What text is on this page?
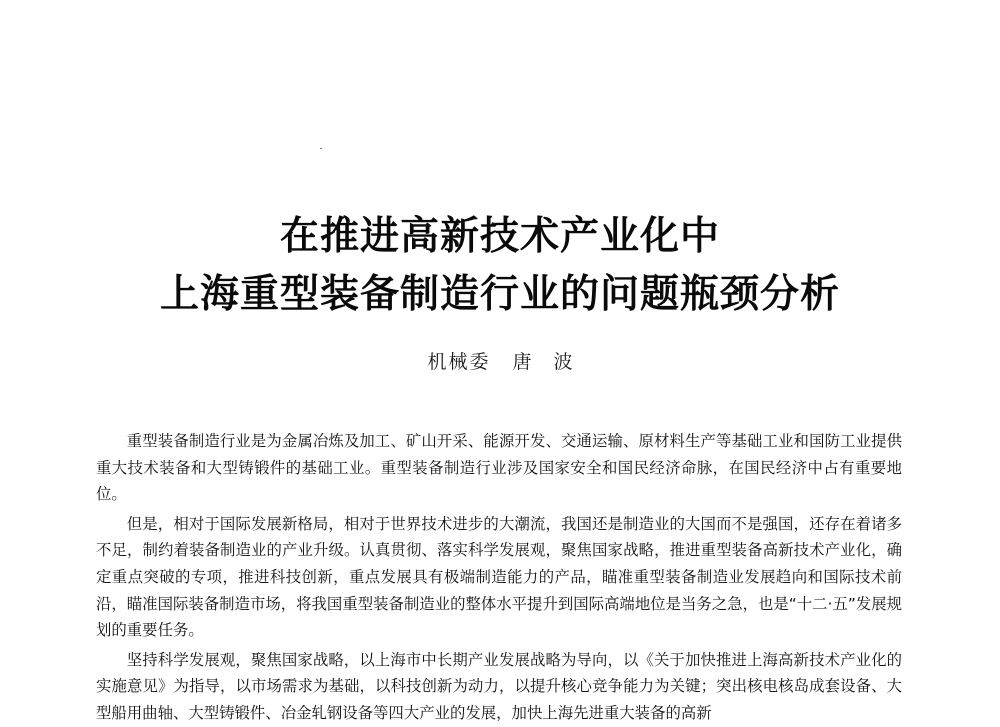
在推进高新技术产业化中
上海重型装备制造行业的问题瓶颈分析
机械委 唐波

重型装备制造行业是为金属冶炼及加工、矿山开采、能源开发、交通运输、原材料生产等基础工业和国防工业提供重大技术装备和大型铸锻件的基础工业。重型装备制造行业涉及国家安全和国民经济命脉，在国民经济中占有重要地位。

但是，相对于国际发展新格局，相对于世界技术进步的大潮流，我国还是制造业的大国而不是强国，还存在着诸多不足，制约着装备制造业的产业升级。认真贯彻、落实科学发展观，聚焦国家战略，推进重型装备高新技术产业化，确定重点突破的专项，推进科技创新，重点发展具有极端制造能力的产品，瞄准重型装备制造业发展趋向和国际技术前沿，瞄准国际装备制造市场，将我国重型装备制造业的整体水平提升到国际高端地位是当务之急，也是“十二·五”发展规划的重要任务。

坚持科学发展观，聚焦国家战略，以上海市中长期产业发展战略为导向，以《关于加快推进上海高新技术产业化的实施意见》为指导，以市场需求为基础，以科技创新为动力，以提升核心竞争能力为关键；突出核电核岛成套设备、大型船用曲轴、大型铸锻件、冶金轧钢设备等四大产业的发展，加快上海先进重大装备的高新
